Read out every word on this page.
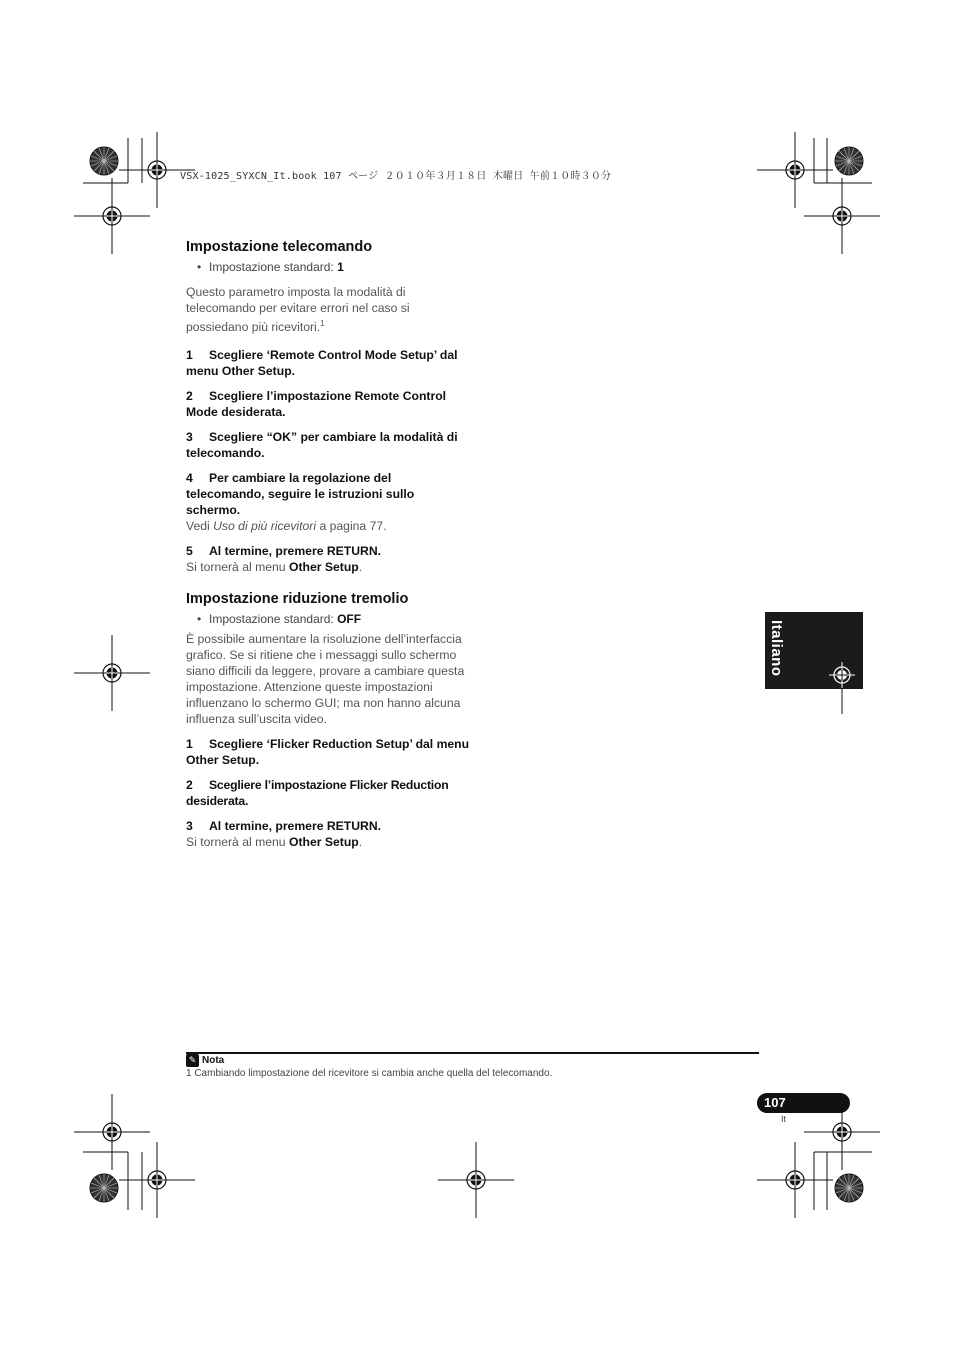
VSX-1025_SYXCN_It.book 107 ページ ２０１０年３月１８日 木曜日 午前１０時３０分
Impostazione telecomando
• Impostazione standard: 1
Questo parametro imposta la modalità di telecomando per evitare errori nel caso si possiedano più ricevitori.$^1$
1 Scegliere ‘Remote Control Mode Setup’ dal menu Other Setup.
2 Scegliere l’impostazione Remote Control Mode desiderata.
3 Scegliere “OK” per cambiare la modalità di telecomando.
4 Per cambiare la regolazione del telecomando, seguire le istruzioni sullo schermo.
Vedi Uso di più ricevitori a pagina 77.
5 Al termine, premere RETURN.
Si tornerà al menu Other Setup.
Impostazione riduzione tremolio
• Impostazione standard: OFF
È possibile aumentare la risoluzione dell’interfaccia grafico. Se si ritiene che i messaggi sullo schermo siano difficili da leggere, provare a cambiare questa impostazione. Attenzione queste impostazioni influenzano lo schermo GUI; ma non hanno alcuna influenza sull’uscita video.
1 Scegliere ‘Flicker Reduction Setup’ dal menu Other Setup.
2 Scegliere l’impostazione Flicker Reduction desiderata.
3 Al termine, premere RETURN.
Si tornerà al menu Other Setup.
Italiano
✎ Nota
1 Cambiando limpostazione del ricevitore si cambia anche quella del telecomando.
107
It
